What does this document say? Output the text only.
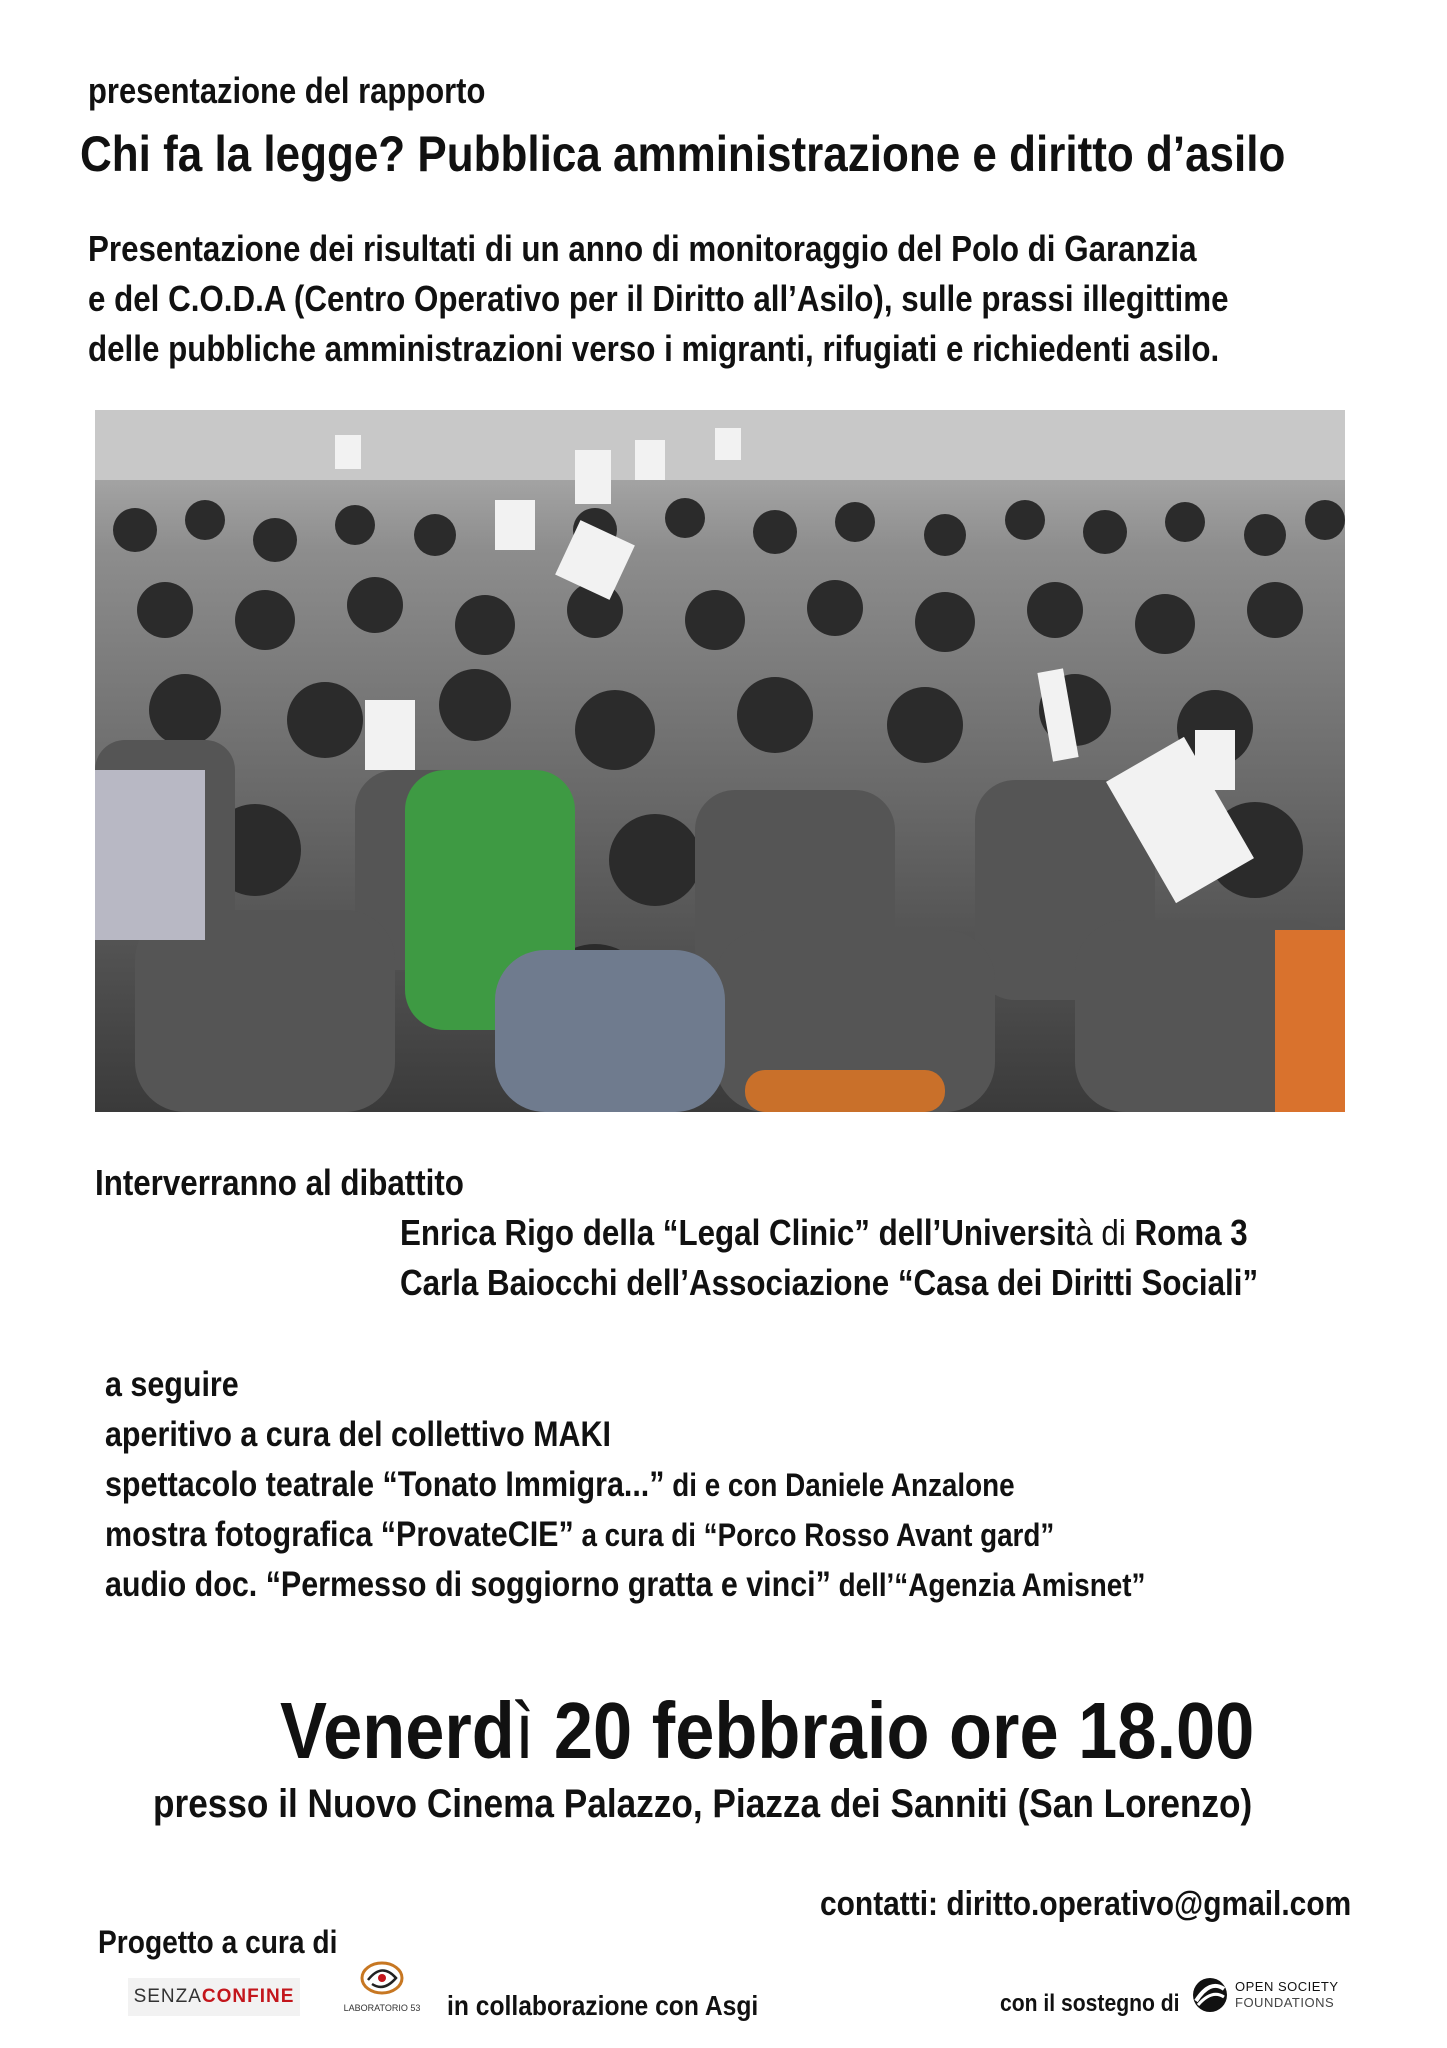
presentazione del rapporto
Chi fa la legge? Pubblica amministrazione e diritto d’asilo
Presentazione dei risultati di un anno di monitoraggio del Polo di Garanzia
e del C.O.D.A (Centro Operativo per il Diritto all’Asilo), sulle prassi illegittime
delle pubbliche amministrazioni verso i migranti, rifugiati e richiedenti asilo.
Interverranno al dibattito
Enrica Rigo della “Legal Clinic” dell’Università di Roma 3
Carla Baiocchi dell’Associazione “Casa dei Diritti Sociali”
a seguire
aperitivo a cura del collettivo MAKI
spettacolo teatrale “Tonato Immigra...” di e con Daniele Anzalone
mostra fotografica “ProvateCIE” a cura di “Porco Rosso Avant gard”
audio doc. “Permesso di soggiorno gratta e vinci” dell’“Agenzia Amisnet”
Venerdì 20 febbraio ore 18.00
presso il Nuovo Cinema Palazzo, Piazza dei Sanniti (San Lorenzo)
contatti: diritto.operativo@gmail.com
Progetto a cura di
SENZACONFINE
LABORATORIO 53 in collaborazione con Asgi	con il sostegno di
OPEN SOCIETY
FOUNDATIONS
